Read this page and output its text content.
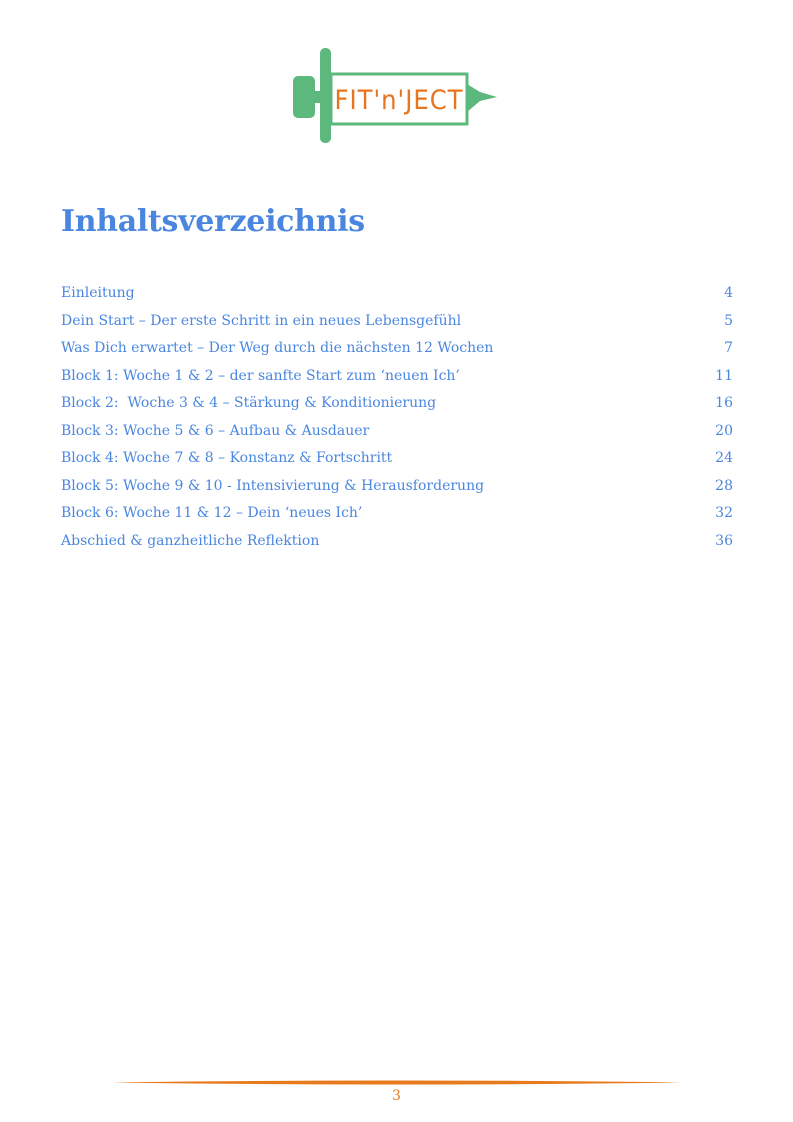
FIT'n'JECT
Inhaltsverzeichnis
Einleitung	4
Dein Start – Der erste Schritt in ein neues Lebensgefühl	5
Was Dich erwartet – Der Weg durch die nächsten 12 Wochen	7
Block 1: Woche 1 & 2 – der sanfte Start zum ‘neuen Ich’	11
Block 2:  Woche 3 & 4 – Stärkung & Konditionierung	16
Block 3: Woche 5 & 6 – Aufbau & Ausdauer	20
Block 4: Woche 7 & 8 – Konstanz & Fortschritt	24
Block 5: Woche 9 & 10 - Intensivierung & Herausforderung	28
Block 6: Woche 11 & 12 – Dein ‘neues Ich’	32
Abschied & ganzheitliche Reflektion	36
3
